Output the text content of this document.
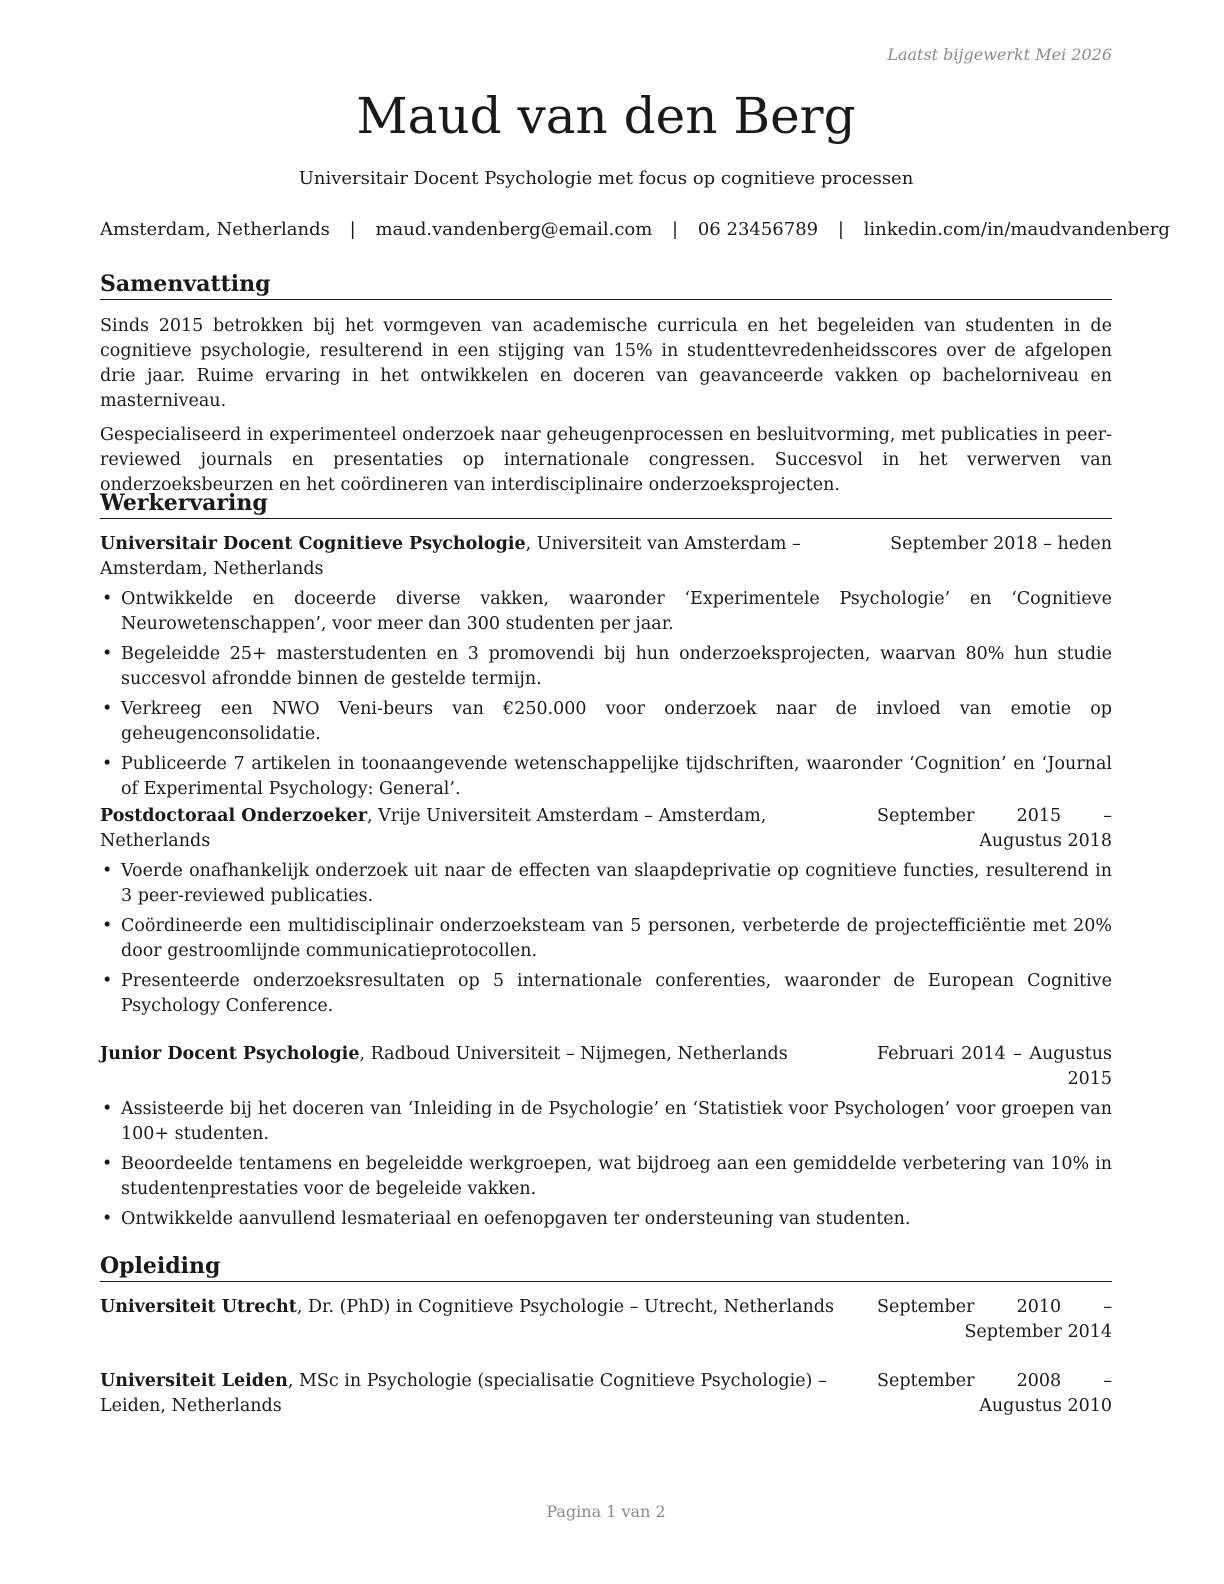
Laatst bijgewerkt Mei 2026
Maud van den Berg
Universitair Docent Psychologie met focus op cognitieve processen
Amsterdam, Netherlands | maud.vandenberg@email.com | 06 23456789 | linkedin.com/in/maudvandenberg
Samenvatting

Sinds 2015 betrokken bij het vormgeven van academische curricula en het begeleiden van studenten in de cognitieve psychologie, resulterend in een stijging van 15% in studenttevredenheidsscores over de afgelopen drie jaar. Ruime ervaring in het ontwikkelen en doceren van geavanceerde vakken op bachelorniveau en masterniveau.

Gespecialiseerd in experimenteel onderzoek naar geheugenprocessen en besluitvorming, met publicaties in peer-reviewed journals en presentaties op internationale congressen. Succesvol in het verwerven van onderzoeksbeurzen en het coördineren van interdisciplinaire onderzoeksprojecten.

Werkervaring
Universitair Docent Cognitieve Psychologie, Universiteit van Amsterdam – Amsterdam, Netherlands
September 2018 – heden
• Ontwikkelde en doceerde diverse vakken, waaronder ‘Experimentele Psychologie’ en ‘Cognitieve Neurowetenschappen’, voor meer dan 300 studenten per jaar.
• Begeleidde 25+ masterstudenten en 3 promovendi bij hun onderzoeksprojecten, waarvan 80% hun studie succesvol afrondde binnen de gestelde termijn.
• Verkreeg een NWO Veni-beurs van €250.000 voor onderzoek naar de invloed van emotie op geheugenconsolidatie.
• Publiceerde 7 artikelen in toonaangevende wetenschappelijke tijdschriften, waaronder ‘Cognition’ en ‘Journal of Experimental Psychology: General’.
Postdoctoraal Onderzoeker, Vrije Universiteit Amsterdam – Amsterdam, Netherlands
September 2015 – Augustus 2018
• Voerde onafhankelijk onderzoek uit naar de effecten van slaapdeprivatie op cognitieve functies, resulterend in 3 peer-reviewed publicaties.
• Coördineerde een multidisciplinair onderzoeksteam van 5 personen, verbeterde de projectefficiëntie met 20% door gestroomlijnde communicatieprotocollen.
• Presenteerde onderzoeksresultaten op 5 internationale conferenties, waaronder de European Cognitive Psychology Conference.
Junior Docent Psychologie, Radboud Universiteit – Nijmegen, Netherlands	Februari 2014 – Augustus 2015
• Assisteerde bij het doceren van ‘Inleiding in de Psychologie’ en ‘Statistiek voor Psychologen’ voor groepen van 100+ studenten.
• Beoordeelde tentamens en begeleidde werkgroepen, wat bijdroeg aan een gemiddelde verbetering van 10% in studentenprestaties voor de begeleide vakken.
• Ontwikkelde aanvullend lesmateriaal en oefenopgaven ter ondersteuning van studenten.
Opleiding
Universiteit Utrecht, Dr. (PhD) in Cognitieve Psychologie – Utrecht, Netherlands	September 2010 – September 2014
Universiteit Leiden, MSc in Psychologie (specialisatie Cognitieve Psychologie) – Leiden, Netherlands
September 2008 – Augustus 2010
Pagina 1 van 2
